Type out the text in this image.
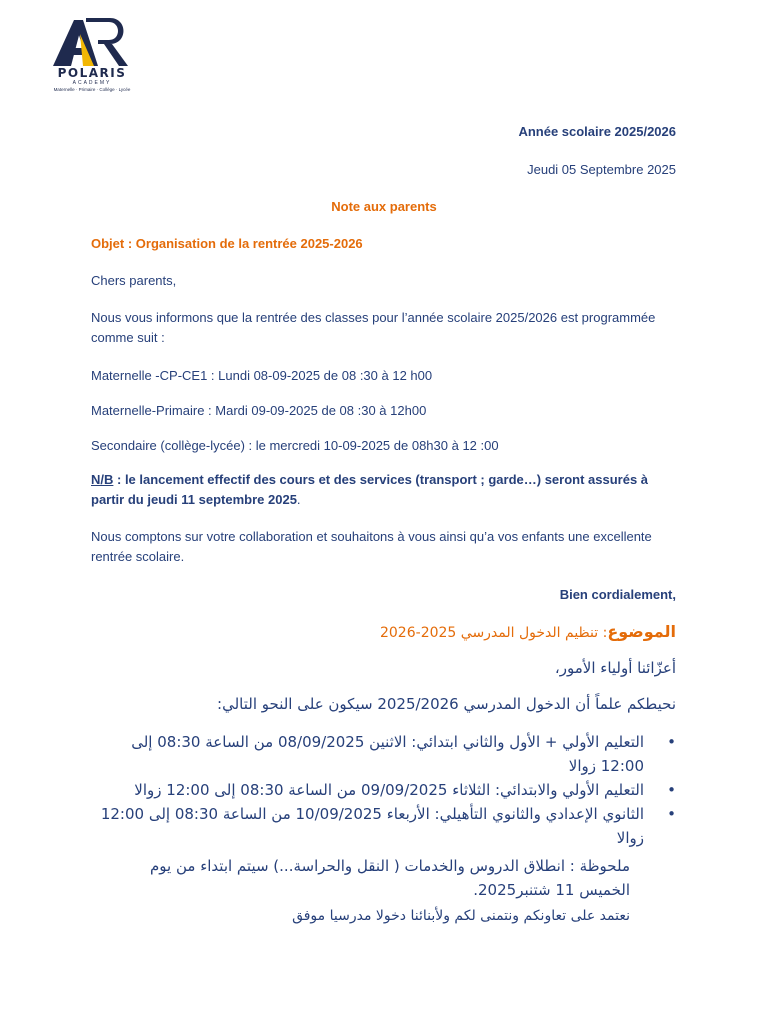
POLARIS
ACADEMY
Maternelle · Primaire · Collège · Lycée
Année scolaire 2025/2026
Jeudi 05 Septembre 2025
Note aux parents
Objet : Organisation de la rentrée 2025-2026
Chers parents,
Nous vous informons que la rentrée des classes pour l’année scolaire 2025/2026 est programmée comme suit :
Maternelle -CP-CE1 : Lundi 08-09-2025 de 08 :30 à 12 h00
Maternelle-Primaire : Mardi 09-09-2025 de 08 :30 à 12h00
Secondaire (collège-lycée) : le mercredi 10-09-2025 de 08h30 à 12 :00
N/B : le lancement effectif des cours et des services (transport ; garde…) seront assurés à partir du jeudi 11 septembre 2025.
Nous comptons sur votre collaboration et souhaitons à vous ainsi qu’a vos enfants une excellente rentrée scolaire.
Bien cordialement,
الموضوع: تنظيم الدخول المدرسي 2025-2026
أعزّائنا أولياء الأمور،
نحيطكم علماً أن الدخول المدرسي 2025/2026 سيكون على النحو التالي:
•
التعليم الأولي + الأول والثاني ابتدائي: الاثنين 08/09/2025 من الساعة 08:30 إلى 12:00 زوالا
•
التعليم الأولي والابتدائي: الثلاثاء 09/09/2025 من الساعة 08:30 إلى 12:00 زوالا
•
الثانوي الإعدادي والثانوي التأهيلي: الأربعاء 10/09/2025 من الساعة 08:30 إلى 12:00 زوالا
ملحوظة : انطلاق الدروس والخدمات ( النقل والحراسة...) سيتم ابتداء من يوم الخميس 11 شتنبر2025.
نعتمد على تعاونكم ونتمنى لكم ولأبنائنا دخولا مدرسيا موفق
